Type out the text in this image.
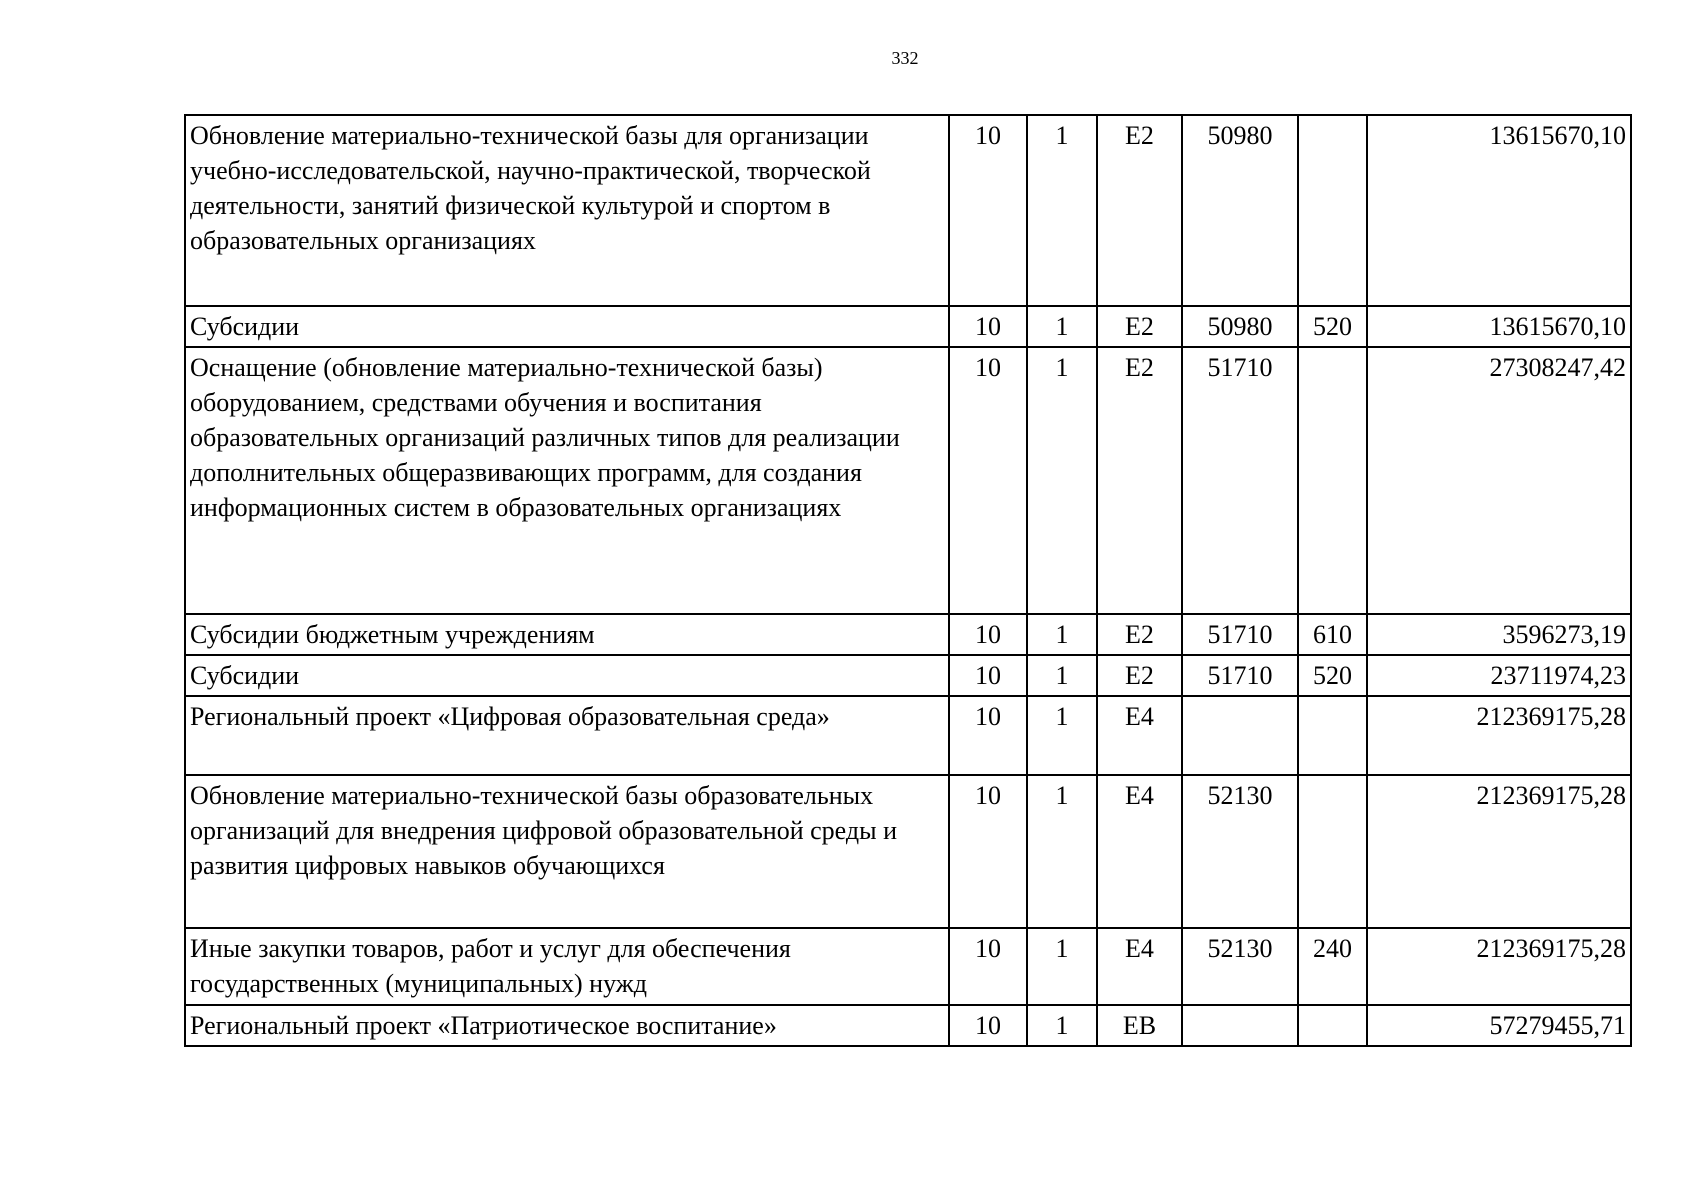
332
Обновление материально-технической базы для организации учебно-исследовательской, научно-практической, творческой деятельности, занятий физической культурой и спортом в образовательных организациях	10	1	E2	50980		13615670,10
Субсидии	10	1	E2	50980	520	13615670,10
Оснащение (обновление материально-технической базы) оборудованием, средствами обучения и воспитания образовательных организаций различных типов для реализации дополнительных общеразвивающих программ, для создания информационных систем в образовательных организациях	10	1	E2	51710		27308247,42
Субсидии бюджетным учреждениям	10	1	E2	51710	610	3596273,19
Субсидии	10	1	E2	51710	520	23711974,23
Региональный проект «Цифровая образовательная среда»	10	1	E4			212369175,28
Обновление материально-технической базы образовательных организаций для внедрения цифровой образовательной среды и развития цифровых навыков обучающихся	10	1	E4	52130		212369175,28
Иные закупки товаров, работ и услуг для обеспечения государственных (муниципальных) нужд	10	1	E4	52130	240	212369175,28
Региональный проект «Патриотическое воспитание»	10	1	EB			57279455,71
